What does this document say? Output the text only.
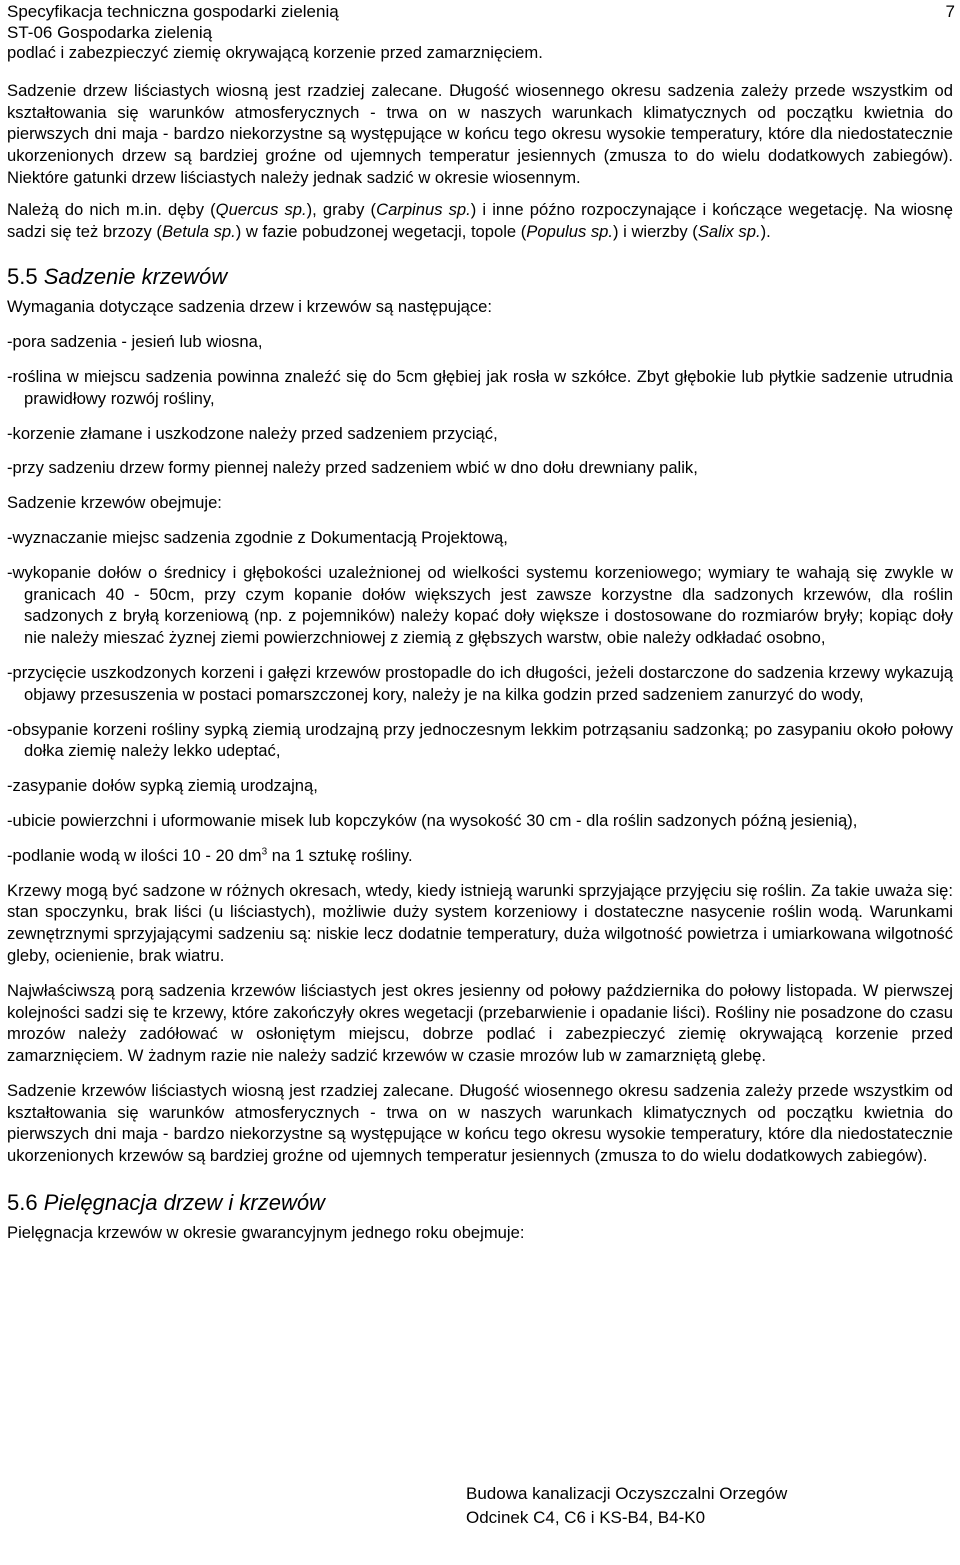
Specyfikacja techniczna gospodarki zielenią
ST-06 Gospodarka zielenią
7

podlać i zabezpieczyć ziemię okrywającą korzenie przed zamarznięciem.

Sadzenie drzew liściastych wiosną jest rzadziej zalecane. Długość wiosennego okresu sadzenia zależy przede wszystkim od kształtowania się warunków atmosferycznych - trwa on w naszych warunkach klimatycznych od początku kwietnia do pierwszych dni maja - bardzo niekorzystne są występujące w końcu tego okresu wysokie temperatury, które dla niedostatecznie ukorzenionych drzew są bardziej groźne od ujemnych temperatur jesiennych (zmusza to do wielu dodatkowych zabiegów). Niektóre gatunki drzew liściastych należy jednak sadzić w okresie wiosennym.

Należą do nich m.in. dęby (Quercus sp.), graby (Carpinus sp.) i inne późno rozpoczynające i kończące wegetację. Na wiosnę sadzi się też brzozy (Betula sp.) w fazie pobudzonej wegetacji, topole (Populus sp.) i wierzby (Salix sp.).

5.5 Sadzenie krzewów

Wymagania dotyczące sadzenia drzew i krzewów są następujące:

-pora sadzenia - jesień lub wiosna,
-roślina w miejscu sadzenia powinna znaleźć się do 5cm głębiej jak rosła w szkółce. Zbyt głębokie lub płytkie sadzenie utrudnia prawidłowy rozwój rośliny,
-korzenie złamane i uszkodzone należy przed sadzeniem przyciąć,
-przy sadzeniu drzew formy piennej należy przed sadzeniem wbić w dno dołu drewniany palik,

Sadzenie krzewów obejmuje:

-wyznaczanie miejsc sadzenia zgodnie z Dokumentacją Projektową,
-wykopanie dołów o średnicy i głębokości uzależnionej od wielkości systemu korzeniowego; wymiary te wahają się zwykle w granicach 40 - 50cm, przy czym kopanie dołów większych jest zawsze korzystne dla sadzonych krzewów, dla roślin sadzonych z bryłą korzeniową (np. z pojemników) należy kopać doły większe i dostosowane do rozmiarów bryły; kopiąc doły nie należy mieszać żyznej ziemi powierzchniowej z ziemią z głębszych warstw, obie należy odkładać osobno,
-przycięcie uszkodzonych korzeni i gałęzi krzewów prostopadle do ich długości, jeżeli dostarczone do sadzenia krzewy wykazują objawy przesuszenia w postaci pomarszczonej kory, należy je na kilka godzin przed sadzeniem zanurzyć do wody,
-obsypanie korzeni rośliny sypką ziemią urodzajną przy jednoczesnym lekkim potrząsaniu sadzonką; po zasypaniu około połowy dołka ziemię należy lekko udeptać,
-zasypanie dołów sypką ziemią urodzajną,
-ubicie powierzchni i uformowanie misek lub kopczyków (na wysokość 30 cm - dla roślin sadzonych późną jesienią),
-podlanie wodą w ilości 10 - 20 $dm^3$ na 1 sztukę rośliny.

Krzewy mogą być sadzone w różnych okresach, wtedy, kiedy istnieją warunki sprzyjające przyjęciu się roślin. Za takie uważa się: stan spoczynku, brak liści (u liściastych), możliwie duży system korzeniowy i dostateczne nasycenie roślin wodą. Warunkami zewnętrznymi sprzyjającymi sadzeniu są: niskie lecz dodatnie temperatury, duża wilgotność powietrza i umiarkowana wilgotność gleby, ocienienie, brak wiatru.

Najwłaściwszą porą sadzenia krzewów liściastych jest okres jesienny od połowy października do połowy listopada. W pierwszej kolejności sadzi się te krzewy, które zakończyły okres wegetacji (przebarwienie i opadanie liści). Rośliny nie posadzone do czasu mrozów należy zadółować w osłoniętym miejscu, dobrze podlać i zabezpieczyć ziemię okrywającą korzenie przed zamarznięciem. W żadnym razie nie należy sadzić krzewów w czasie mrozów lub w zamarzniętą glebę.

Sadzenie krzewów liściastych wiosną jest rzadziej zalecane. Długość wiosennego okresu sadzenia zależy przede wszystkim od kształtowania się warunków atmosferycznych - trwa on w naszych warunkach klimatycznych od początku kwietnia do pierwszych dni maja - bardzo niekorzystne są występujące w końcu tego okresu wysokie temperatury, które dla niedostatecznie ukorzenionych krzewów są bardziej groźne od ujemnych temperatur jesiennych (zmusza to do wielu dodatkowych zabiegów).

5.6 Pielęgnacja drzew i krzewów

Pielęgnacja krzewów w okresie gwarancyjnym jednego roku obejmuje:

Budowa kanalizacji Oczyszczalni Orzegów
Odcinek C4, C6 i KS-B4, B4-K0
